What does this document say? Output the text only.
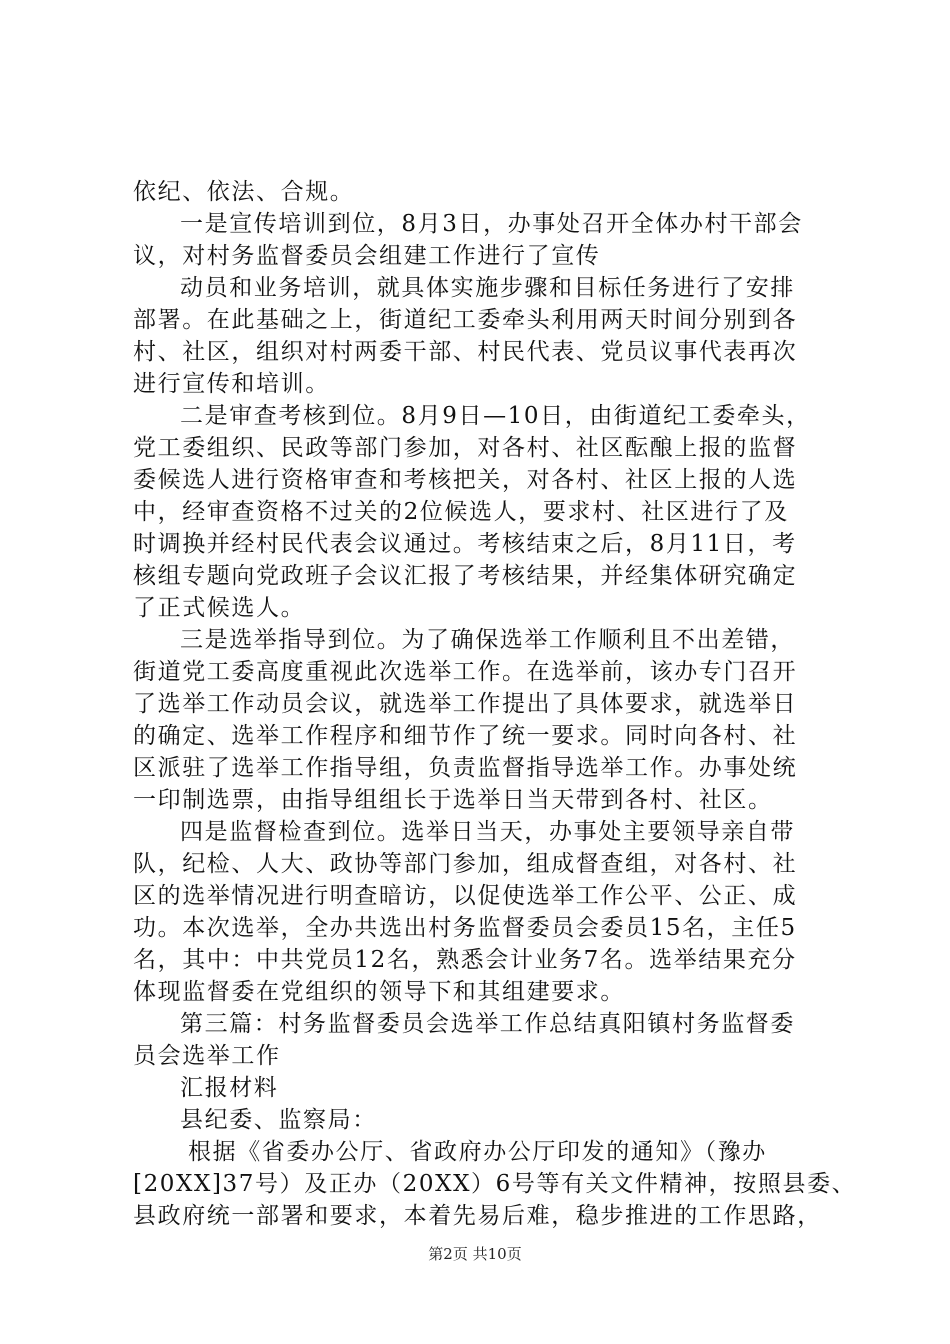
依纪、依法、合规。
一是宣传培训到位，8月3日，办事处召开全体办村干部会
议，对村务监督委员会组建工作进行了宣传
动员和业务培训，就具体实施步骤和目标任务进行了安排
部署。在此基础之上，街道纪工委牵头利用两天时间分别到各
村、社区，组织对村两委干部、村民代表、党员议事代表再次
进行宣传和培训。
二是审查考核到位。8月9日—10日，由街道纪工委牵头，
党工委组织、民政等部门参加，对各村、社区酝酿上报的监督
委候选人进行资格审查和考核把关，对各村、社区上报的人选
中，经审查资格不过关的2位候选人，要求村、社区进行了及
时调换并经村民代表会议通过。考核结束之后，8月11日，考
核组专题向党政班子会议汇报了考核结果，并经集体研究确定
了正式候选人。
三是选举指导到位。为了确保选举工作顺利且不出差错，
街道党工委高度重视此次选举工作。在选举前，该办专门召开
了选举工作动员会议，就选举工作提出了具体要求，就选举日
的确定、选举工作程序和细节作了统一要求。同时向各村、社
区派驻了选举工作指导组，负责监督指导选举工作。办事处统
一印制选票，由指导组组长于选举日当天带到各村、社区。
四是监督检查到位。选举日当天，办事处主要领导亲自带
队，纪检、人大、政协等部门参加，组成督查组，对各村、社
区的选举情况进行明查暗访，以促使选举工作公平、公正、成
功。本次选举，全办共选出村务监督委员会委员15名，主任5
名，其中：中共党员12名，熟悉会计业务7名。选举结果充分
体现监督委在党组织的领导下和其组建要求。
第三篇：村务监督委员会选举工作总结真阳镇村务监督委
员会选举工作
汇报材料
县纪委、监察局：
根据《省委办公厅、省政府办公厅印发的通知》（豫办
[20XX]37号）及正办（20XX）6号等有关文件精神，按照县委、
县政府统一部署和要求，本着先易后难，稳步推进的工作思路，
第2页 共10页
